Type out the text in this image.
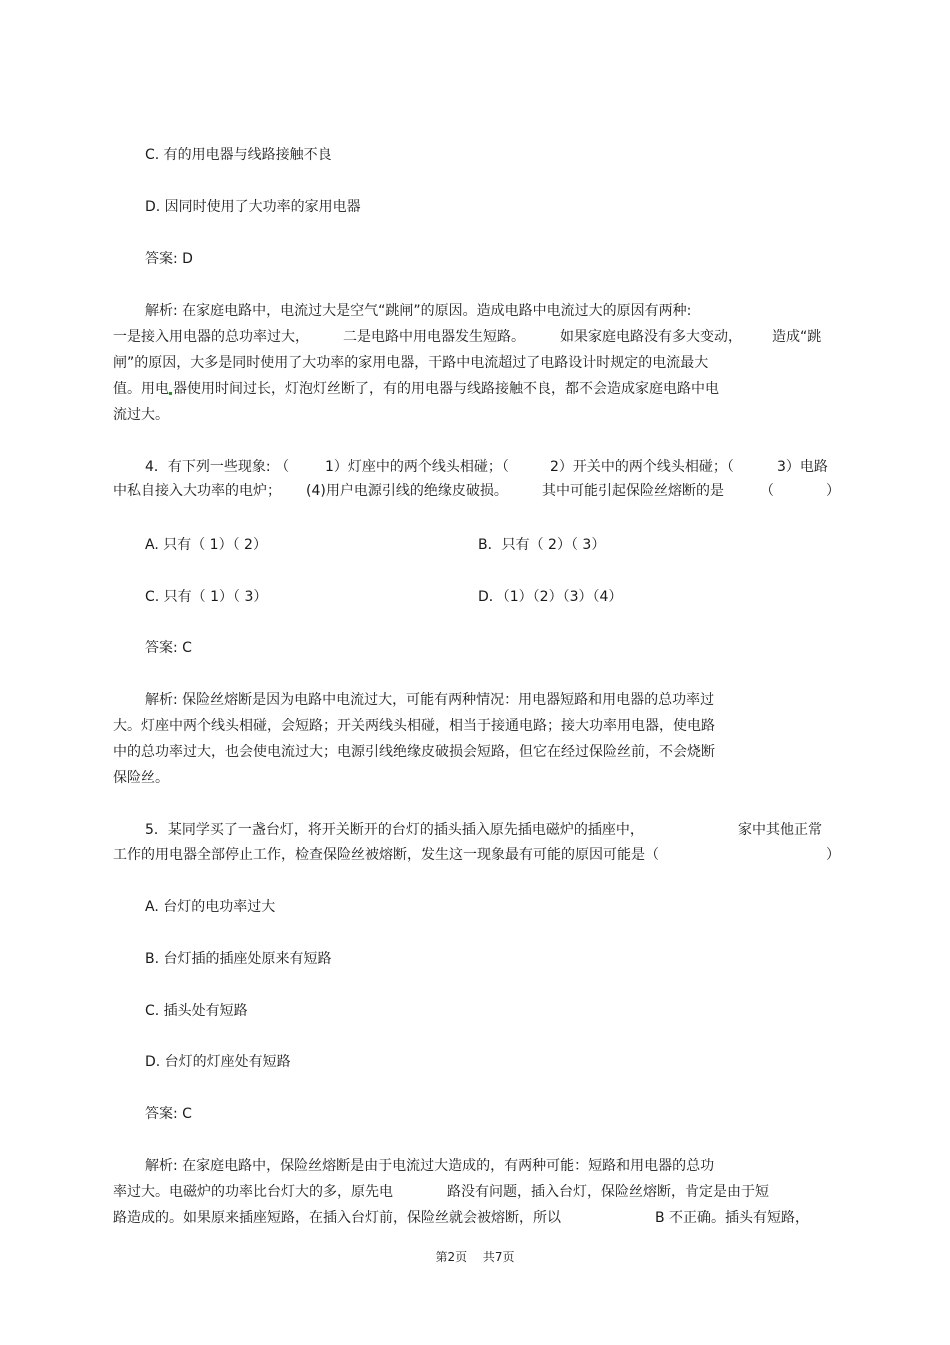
C. 有的用电器与线路接触不良
D. 因同时使用了大功率的家用电器
答案: D
解析: 在家庭电路中，电流过大是空气“跳闸”的原因。造成电路中电流过大的原因有两种:
一是接入用电器的总功率过大， 二是电路中用电器发生短路。	如果家庭电路没有多大变动， 造成“跳
闸”的原因，大多是同时使用了大功率的家用电器，干路中电流超过了电路设计时规定的电流最大
值。用电 器使用时间过长，灯泡灯丝断了，有的用电器与线路接触不良，都不会造成家庭电路中电
流过大。
4．有下列一些现象: （	1）灯座中的两个线头相碰；（	2）开关中的两个线头相碰；（	3）电路
中私自接入大功率的电炉； (4)用户电源引线的绝缘皮破损。 其中可能引起保险丝熔断的是	（	）
A. 只有（ 1）（ 2）	B．只有（ 2）（ 3）
C. 只有（ 1）（ 3）	D．（1）（2）（3）（4）
答案: C
解析: 保险丝熔断是因为电路中电流过大，可能有两种情况：用电器短路和用电器的总功率过
大。灯座中两个线头相碰，会短路；开关两线头相碰，相当于接通电路；接大功率用电器，使电路
中的总功率过大，也会使电流过大；电源引线绝缘皮破损会短路，但它在经过保险丝前，不会烧断
保险丝。
5．某同学买了一盏台灯，将开关断开的台灯的插头插入原先插电磁炉的插座中，	家中其他正常
工作的用电器全部停止工作，检查保险丝被熔断，发生这一现象最有可能的原因可能是（	）
A. 台灯的电功率过大
B. 台灯插的插座处原来有短路
C. 插头处有短路
D. 台灯的灯座处有短路
答案: C
解析: 在家庭电路中，保险丝熔断是由于电流过大造成的，有两种可能：短路和用电器的总功
率过大。电磁炉的功率比台灯大的多，原先电	路没有问题，插入台灯，保险丝熔断，肯定是由于短
路造成的。如果原来插座短路，在插入台灯前，保险丝就会被熔断，所以	B 不正确。插头有短路，
第2页 共7页
